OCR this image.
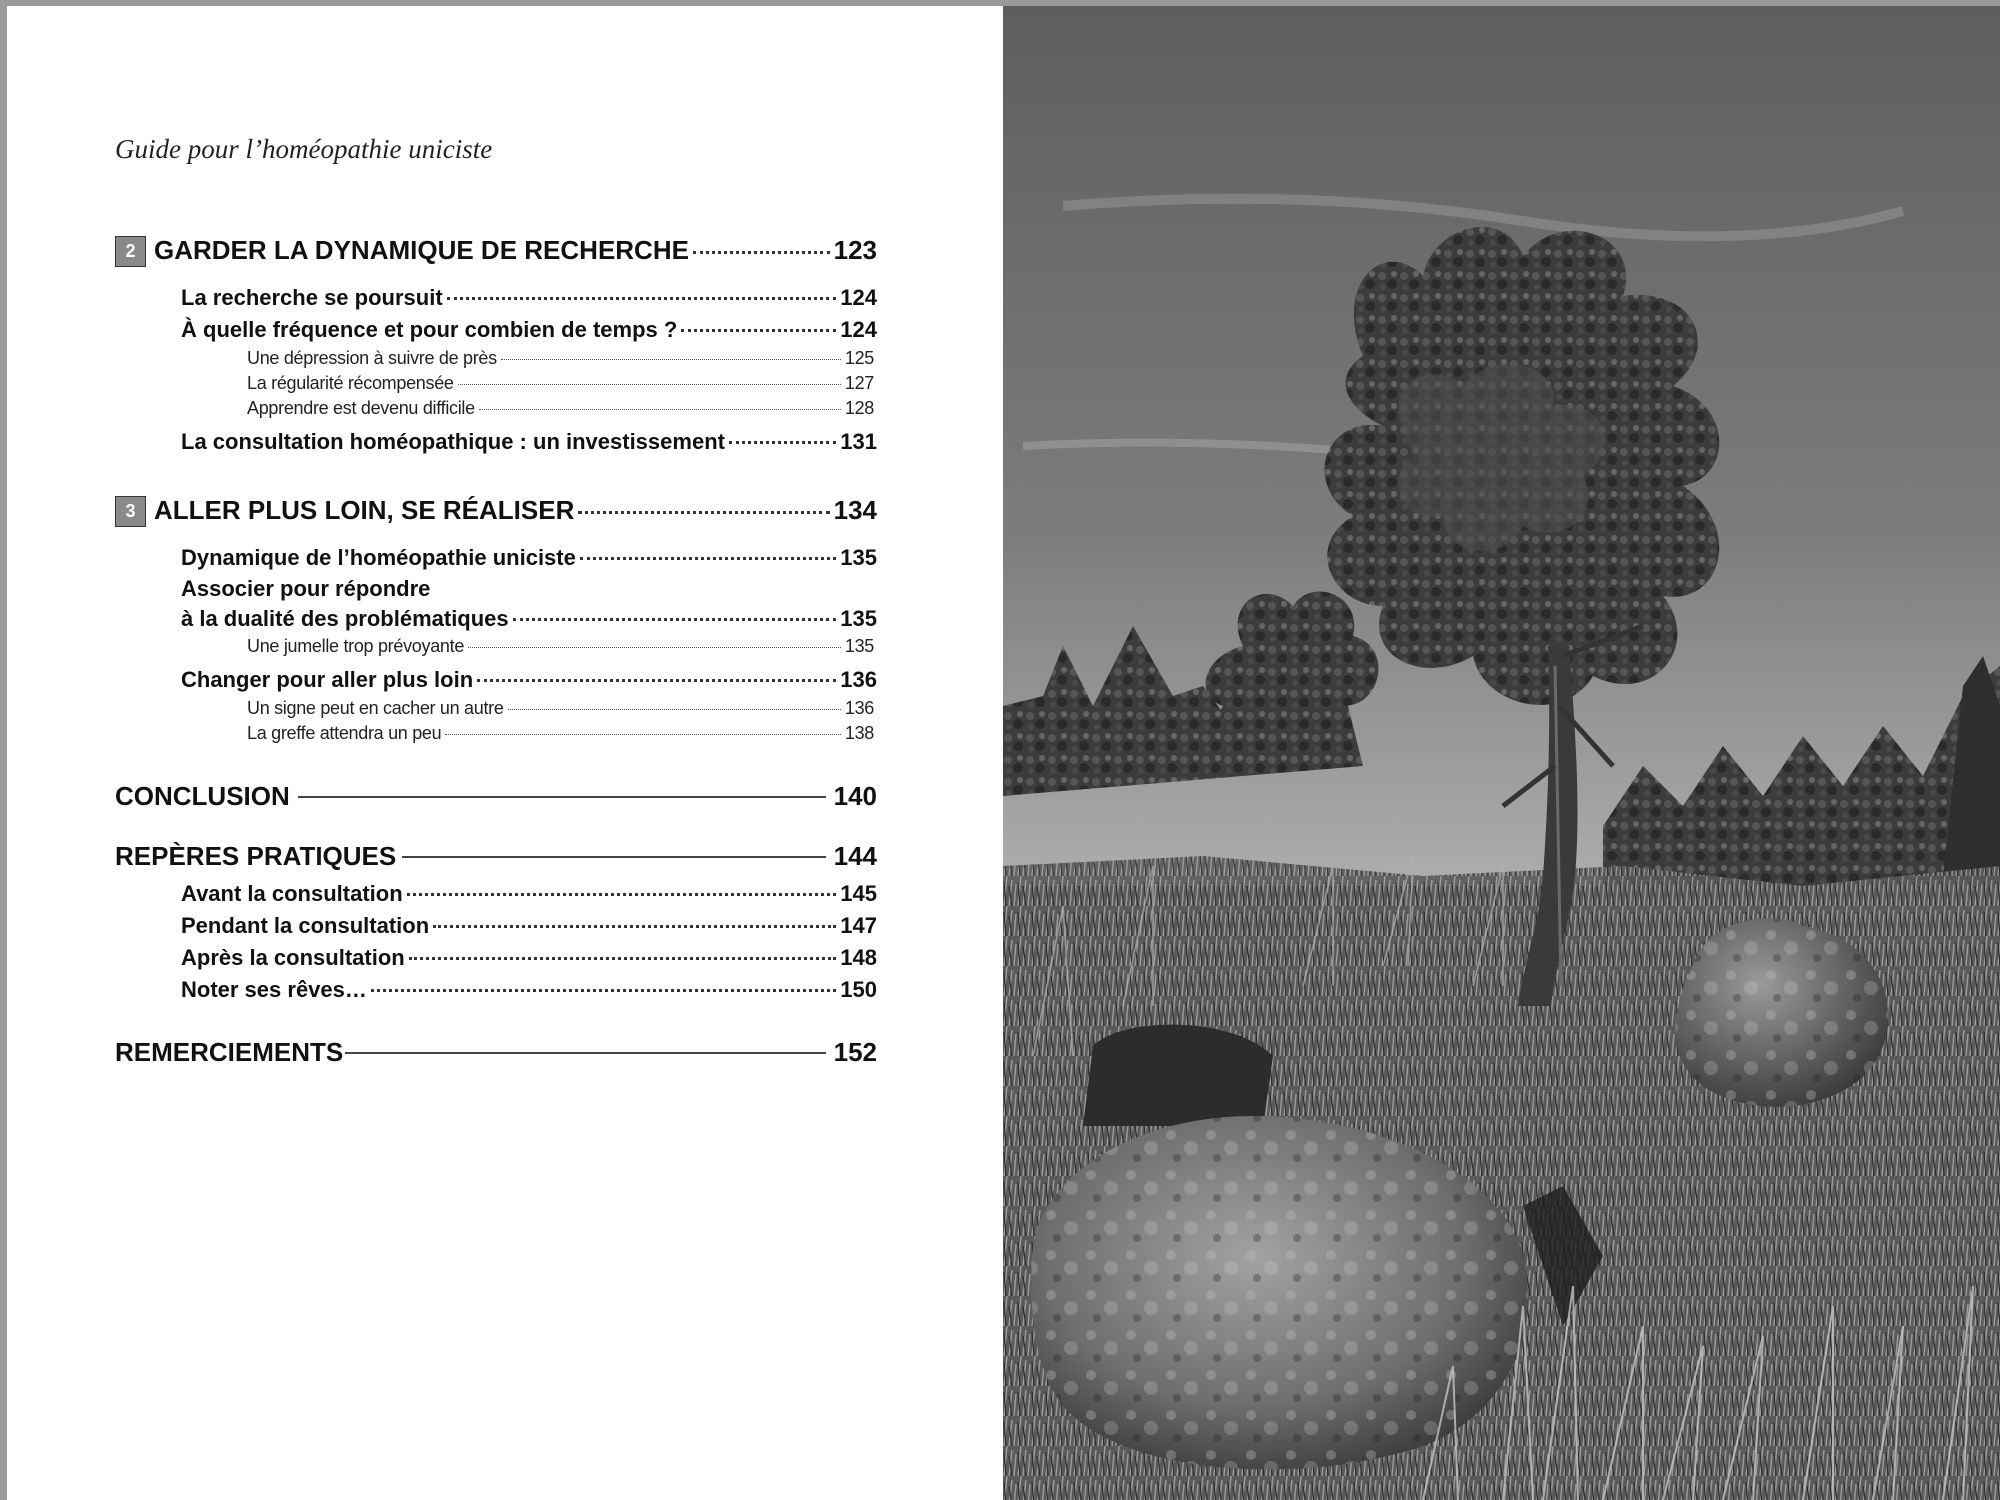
Guide pour l’homéopathie uniciste
2 GARDER LA DYNAMIQUE DE RECHERCHE	123
La recherche se poursuit	124
À quelle fréquence et pour combien de temps ?	124
Une dépression à suivre de près	125
La régularité récompensée	127
Apprendre est devenu difficile	128
La consultation homéopathique : un investissement	131
3 ALLER PLUS LOIN, SE RÉALISER	134
Dynamique de l’homéopathie uniciste	135
Associer pour répondre
à la dualité des problématiques	135
Une jumelle trop prévoyante	135
Changer pour aller plus loin	136
Un signe peut en cacher un autre	136
La greffe attendra un peu	138
CONCLUSION	140
REPÈRES PRATIQUES	144
Avant la consultation	145
Pendant la consultation	147
Après la consultation	148
Noter ses rêves…	150
REMERCIEMENTS	152
